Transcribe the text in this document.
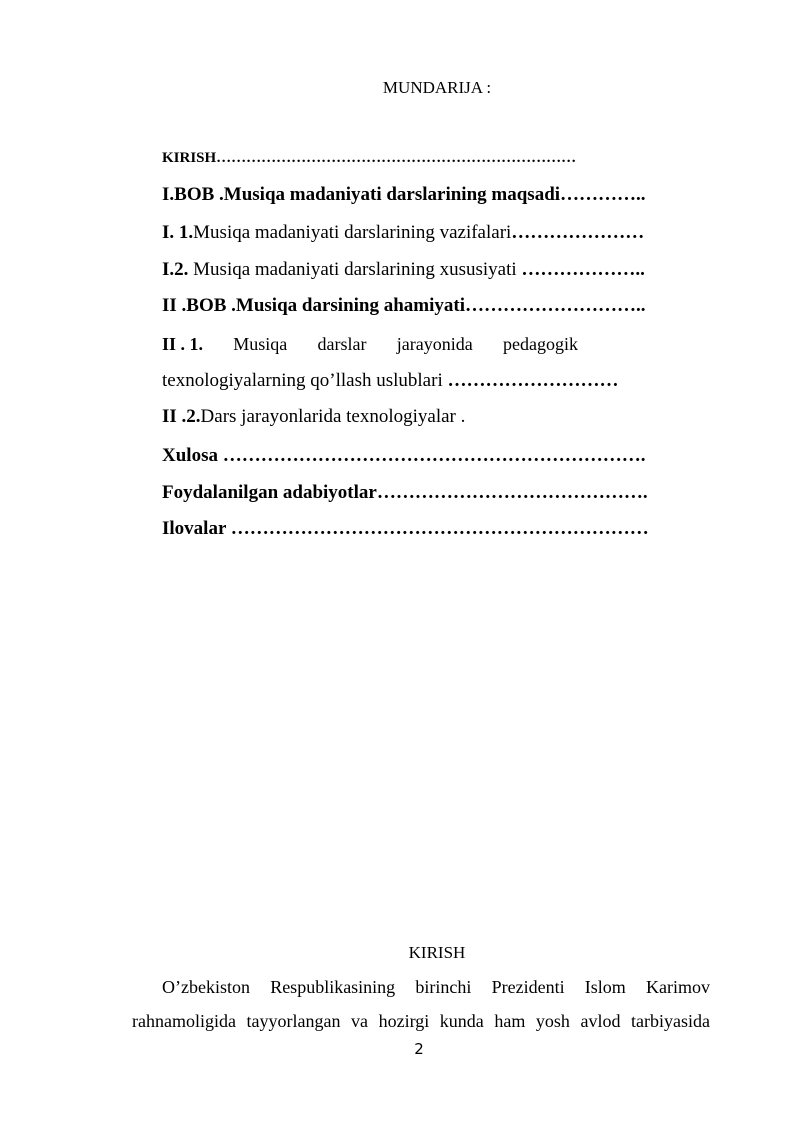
MUNDARIJA :
KIRISH………………………………………………………………
I.BOB .Musiqa madaniyati darslarining maqsadi…………..
I. 1.Musiqa madaniyati darslarining vazifalari…………………
I.2. Musiqa madaniyati darslarining xususiyati ………………..
II .BOB .Musiqa darsining ahamiyati………………………..
II . 1. Musiqa darslar jarayonida pedagogik
texnologiyalarning qo’llash uslublari ………………………
II .2.Dars jarayonlarida texnologiyalar .
Xulosa ………………………………………………………….
Foydalanilgan adabiyotlar…………………………………….
Ilovalar …………………………………………………………
KIRISH
O’zbekiston Respublikasining birinchi Prezidenti Islom Karimov
rahnamoligida tayyorlangan va hozirgi kunda ham yosh avlod tarbiyasida
2
